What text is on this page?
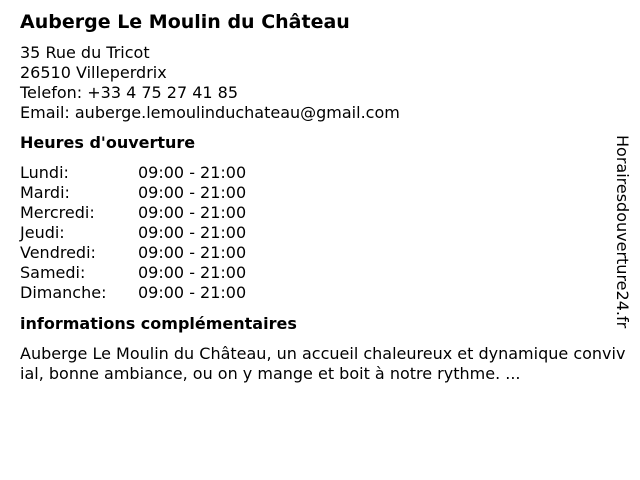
Auberge Le Moulin du Château
35 Rue du Tricot
26510 Villeperdrix
Telefon: +33 4 75 27 41 85
Email: auberge.lemoulinduchateau@gmail.com
Heures d'ouverture
Lundi:	09:00 - 21:00
Mardi:	09:00 - 21:00
Mercredi:	09:00 - 21:00
Jeudi:	09:00 - 21:00
Vendredi:	09:00 - 21:00
Samedi:	09:00 - 21:00
Dimanche:	09:00 - 21:00
informations complémentaires

Auberge Le Moulin du Château, un accueil chaleureux et dynamique convivial, bonne ambiance, ou on y mange et boit à notre rythme. ...

Horairesdouverture24.fr
